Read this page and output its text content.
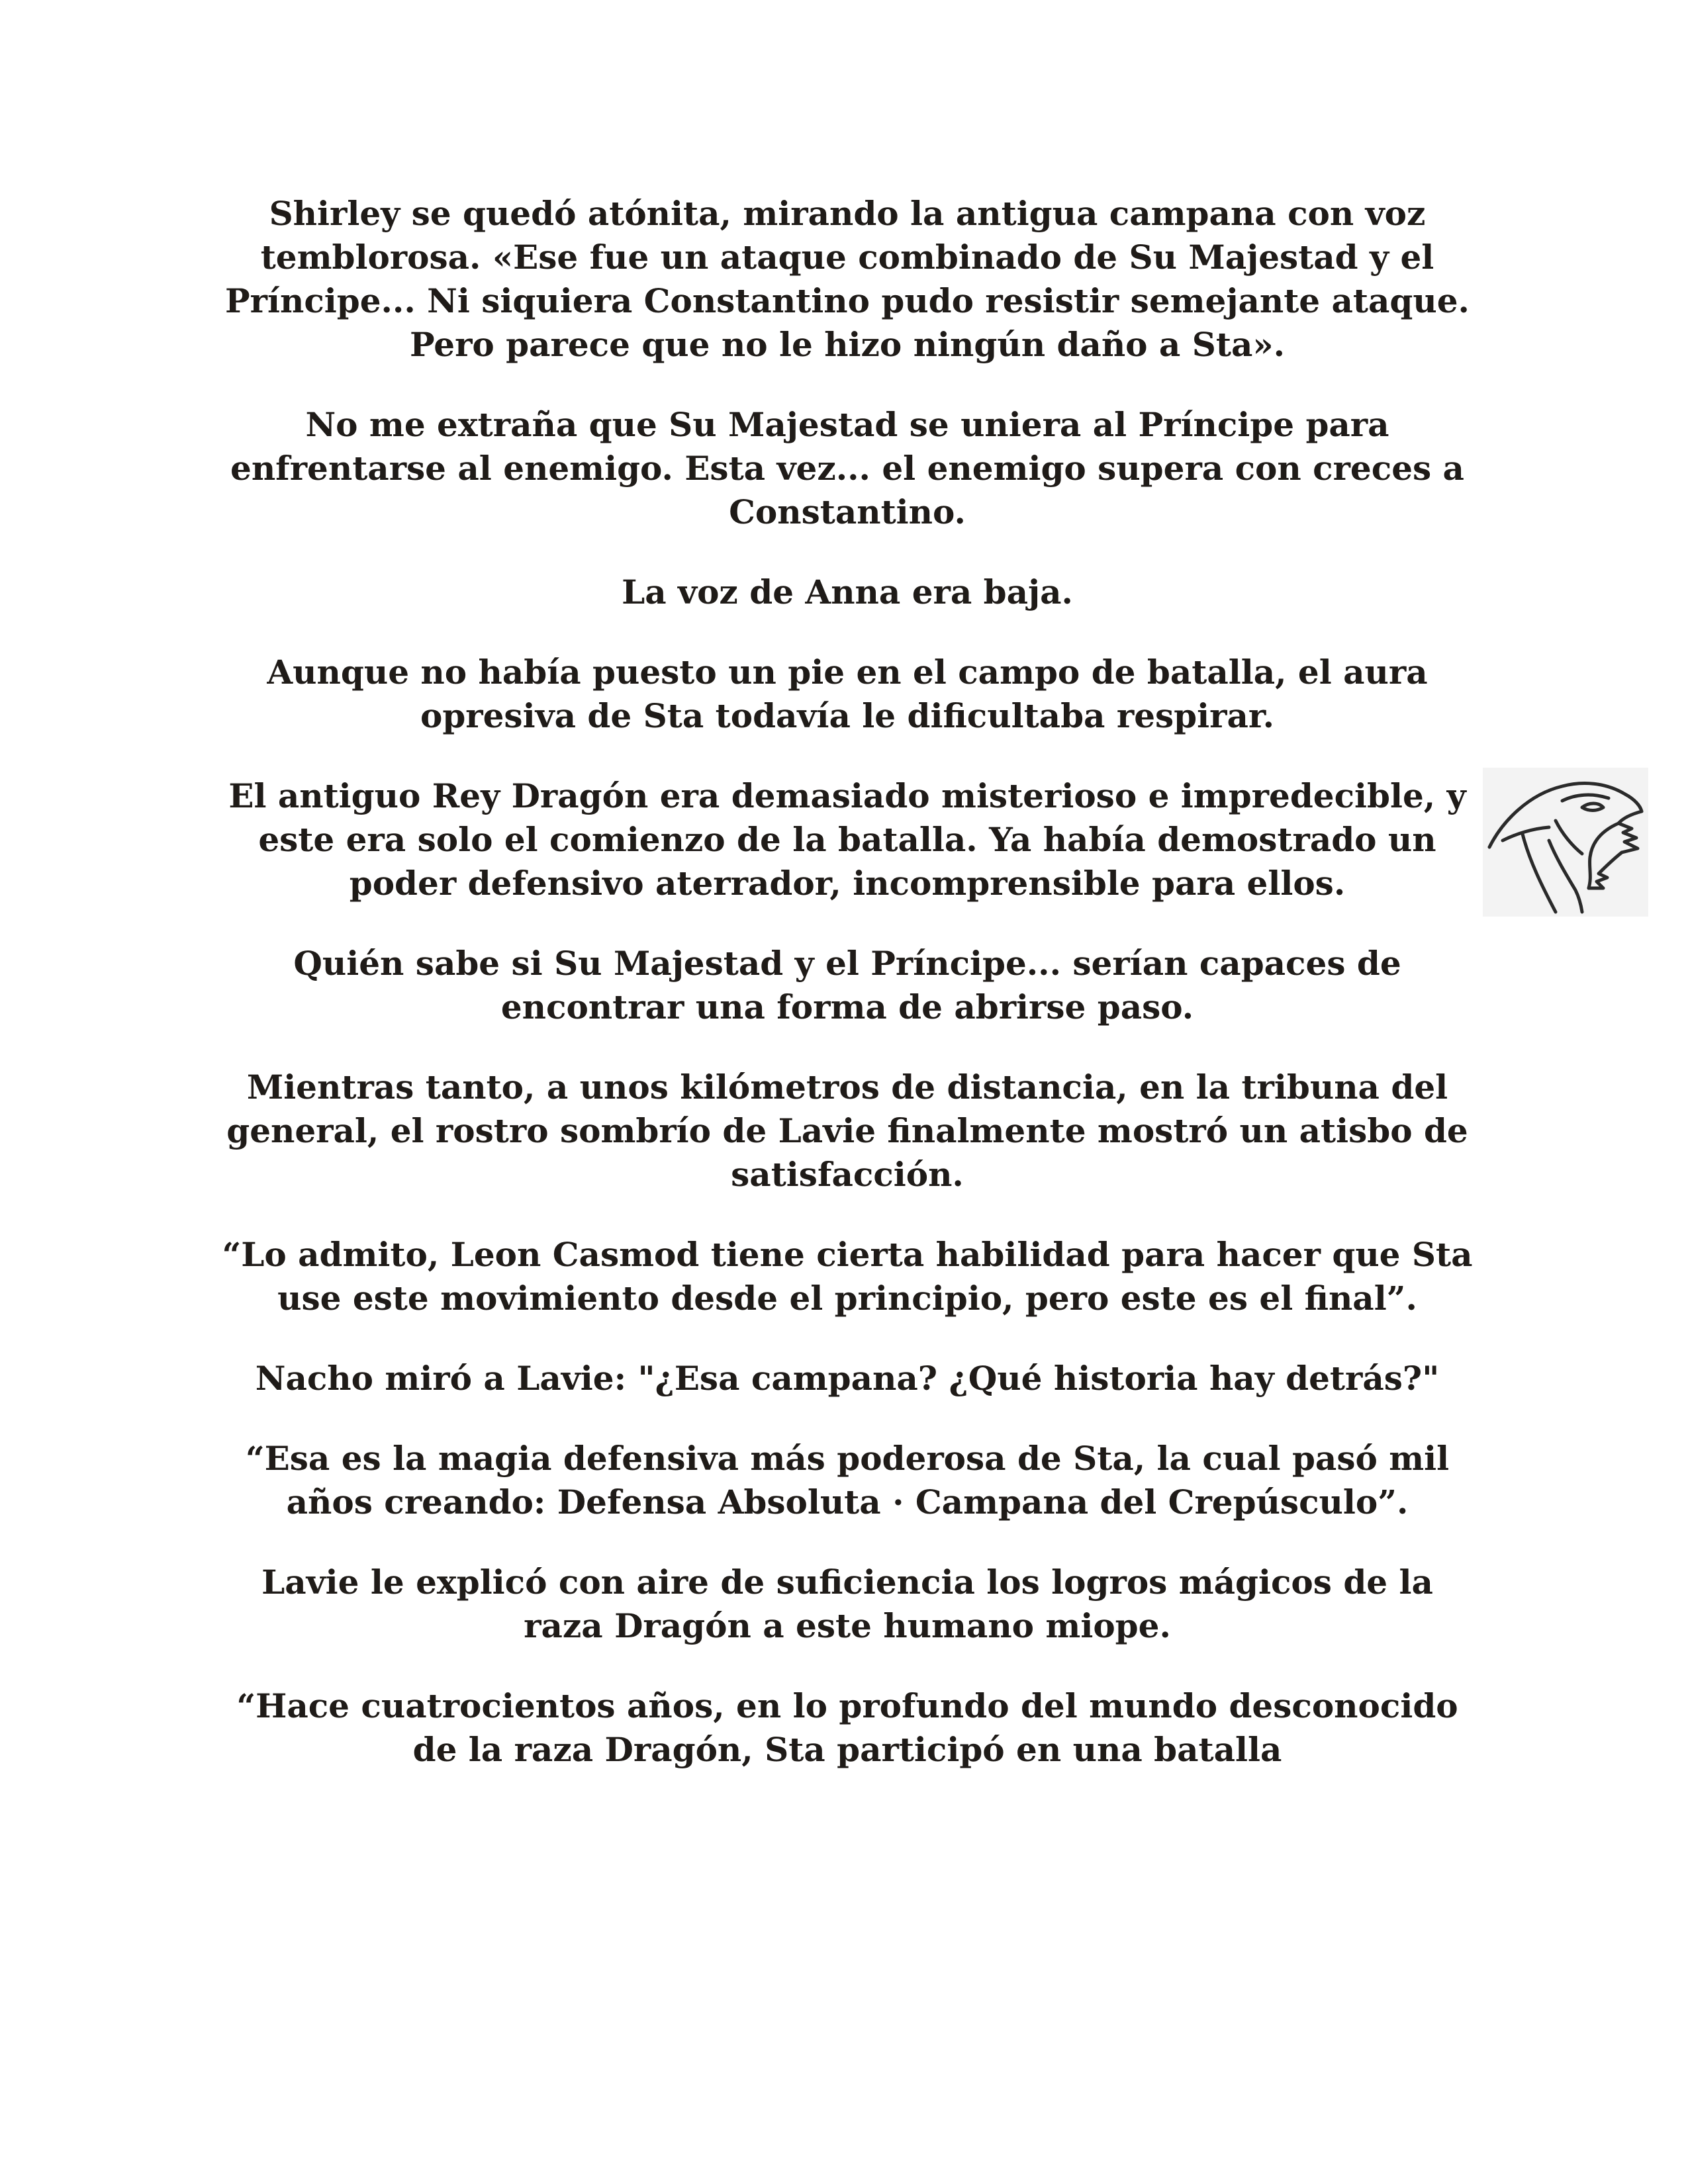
Shirley se quedó atónita, mirando la antigua campana con voz temblorosa. «Ese fue un ataque combinado de Su Majestad y el Príncipe... Ni siquiera Constantino pudo resistir semejante ataque. Pero parece que no le hizo ningún daño a Sta».

No me extraña que Su Majestad se uniera al Príncipe para enfrentarse al enemigo. Esta vez... el enemigo supera con creces a Constantino.

La voz de Anna era baja.

Aunque no había puesto un pie en el campo de batalla, el aura opresiva de Sta todavía le dificultaba respirar.

El antiguo Rey Dragón era demasiado misterioso e impredecible, y este era solo el comienzo de la batalla. Ya había demostrado un poder defensivo aterrador, incomprensible para ellos.

Quién sabe si Su Majestad y el Príncipe... serían capaces de encontrar una forma de abrirse paso.

Mientras tanto, a unos kilómetros de distancia, en la tribuna del general, el rostro sombrío de Lavie finalmente mostró un atisbo de satisfacción.

“Lo admito, Leon Casmod tiene cierta habilidad para hacer que Sta use este movimiento desde el principio, pero este es el final”.

Nacho miró a Lavie: "¿Esa campana? ¿Qué historia hay detrás?"

“Esa es la magia defensiva más poderosa de Sta, la cual pasó mil años creando: Defensa Absoluta · Campana del Crepúsculo”.

Lavie le explicó con aire de suficiencia los logros mágicos de la raza Dragón a este humano miope.

“Hace cuatrocientos años, en lo profundo del mundo desconocido de la raza Dragón, Sta participó en una batalla
